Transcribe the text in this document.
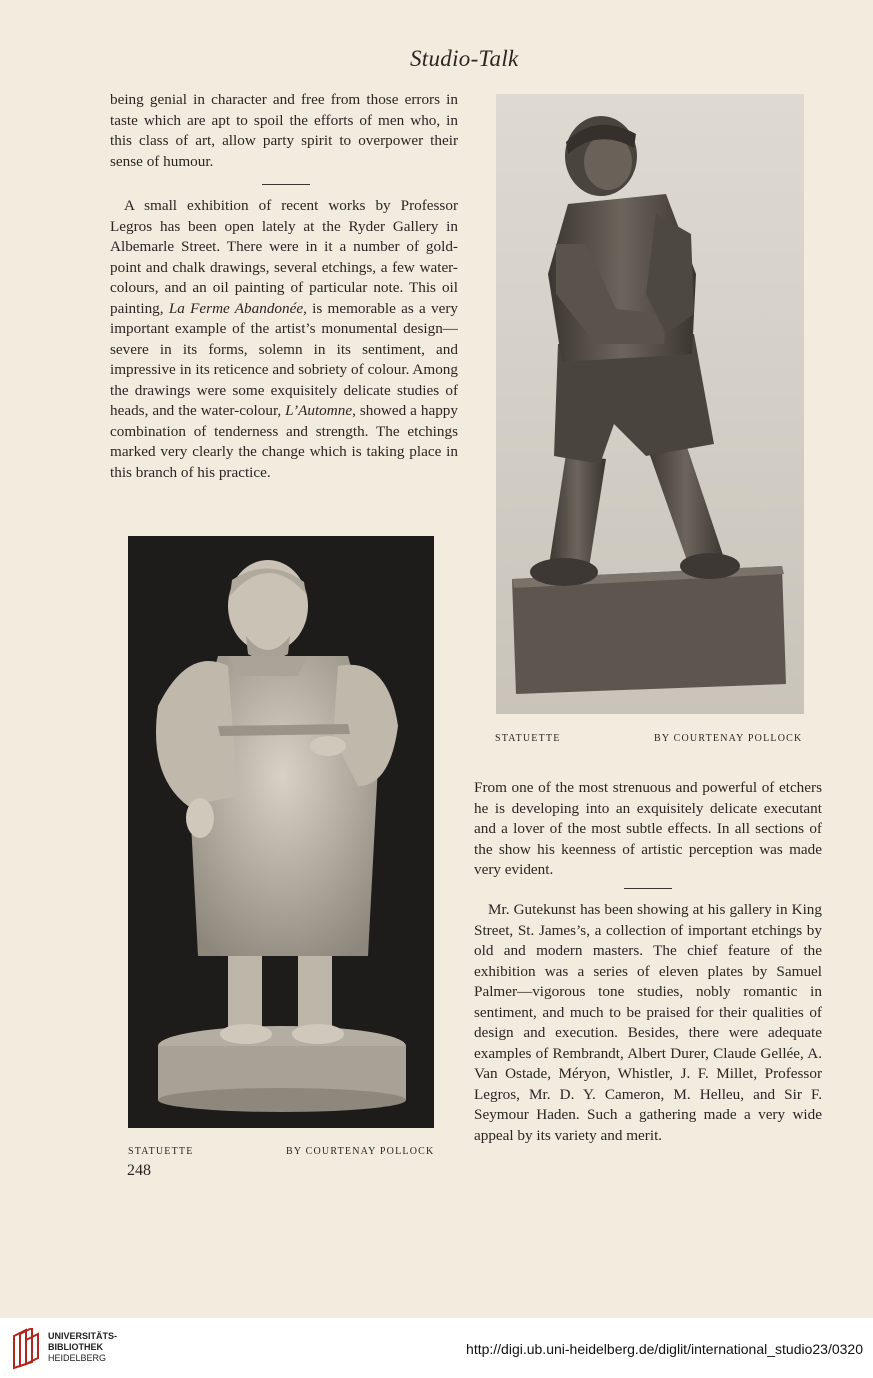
Studio-Talk

being genial in character and free from those errors in taste which are apt to spoil the efforts of men who, in this class of art, allow party spirit to overpower their sense of humour.

A small exhibition of recent works by Professor Legros has been open lately at the Ryder Gallery in Albemarle Street. There were in it a number of gold-point and chalk drawings, several etchings, a few water-colours, and an oil painting of particular note. This oil painting, La Ferme Abandonée, is memorable as a very important example of the artist’s monumental design—severe in its forms, solemn in its sentiment, and impressive in its reticence and sobriety of colour. Among the drawings were some exquisitely delicate studies of heads, and the water-colour, L’Automne, showed a happy combination of tenderness and strength. The etchings marked very clearly the change which is taking place in this branch of his practice.

STATUETTE	BY COURTENAY POLLOCK
STATUETTE	BY COURTENAY POLLOCK

From one of the most strenuous and powerful of etchers he is developing into an exquisitely delicate executant and a lover of the most subtle effects. In all sections of the show his keenness of artistic perception was made very evident.

Mr. Gutekunst has been showing at his gallery in King Street, St. James’s, a collection of important etchings by old and modern masters. The chief feature of the exhibition was a series of eleven plates by Samuel Palmer—vigorous tone studies, nobly romantic in sentiment, and much to be praised for their qualities of design and execution. Besides, there were adequate examples of Rembrandt, Albert Durer, Claude Gellée, A. Van Ostade, Méryon, Whistler, J. F. Millet, Professor Legros, Mr. D. Y. Cameron, M. Helleu, and Sir F. Seymour Haden. Such a gathering made a very wide appeal by its variety and merit.

248
UNIVERSITÄTS-
BIBLIOTHEK
HEIDELBERG
http://digi.ub.uni-heidelberg.de/diglit/international_studio23/0320
